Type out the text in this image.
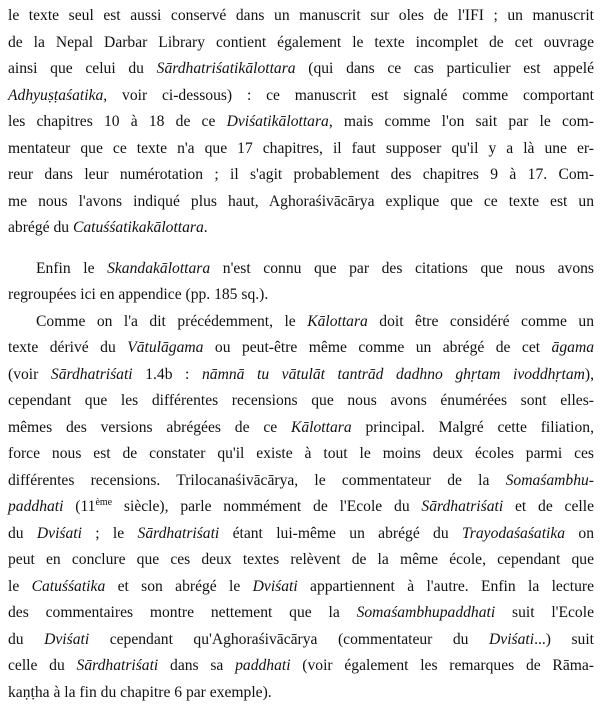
le texte seul est aussi conservé dans un manuscrit sur oles de l'IFI ; un manuscrit
de la Nepal Darbar Library contient également le texte incomplet de cet ouvrage
ainsi que celui du Sārdhatriśatikālottara (qui dans ce cas particulier est appelé
Adhyuṣṭaśatika, voir ci-dessous) : ce manuscrit est signalé comme comportant
les chapitres 10 à 18 de ce Dviśatikālottara, mais comme l'on sait par le com-
mentateur que ce texte n'a que 17 chapitres, il faut supposer qu'il y a là une er-
reur dans leur numérotation ; il s'agit probablement des chapitres 9 à 17. Com-
me nous l'avons indiqué plus haut, Aghoraśivācārya explique que ce texte est un
abrégé du Catuśśatikakālottara.
Enfin le Skandakālottara n'est connu que par des citations que nous avons
regroupées ici en appendice (pp. 185 sq.).
Comme on l'a dit précédemment, le Kālottara doit être considéré comme un
texte dérivé du Vātulāgama ou peut-être même comme un abrégé de cet āgama
(voir Sārdhatriśati 1.4b : nāmnā tu vātulāt tantrād dadhno ghṛtam ivoddhṛtam),
cependant que les différentes recensions que nous avons énumérées sont elles-
mêmes des versions abrégées de ce Kālottara principal. Malgré cette filiation,
force nous est de constater qu'il existe à tout le moins deux écoles parmi ces
différentes recensions. Trilocanaśivācārya, le commentateur de la Somaśambhu-
paddhati (11ème siècle), parle nommément de l'Ecole du Sārdhatriśati et de celle
du Dviśati ; le Sārdhatriśati étant lui-même un abrégé du Trayodaśaśatika on
peut en conclure que ces deux textes relèvent de la même école, cependant que
le Catuśśatika et son abrégé le Dviśati appartiennent à l'autre. Enfin la lecture
des commentaires montre nettement que la Somaśambhupaddhati suit l'Ecole
du Dviśati cependant qu'Aghoraśivācārya (commentateur du Dviśati...) suit
celle du Sārdhatriśati dans sa paddhati (voir également les remarques de Rāma-
kaṇṭha à la fin du chapitre 6 par exemple).
